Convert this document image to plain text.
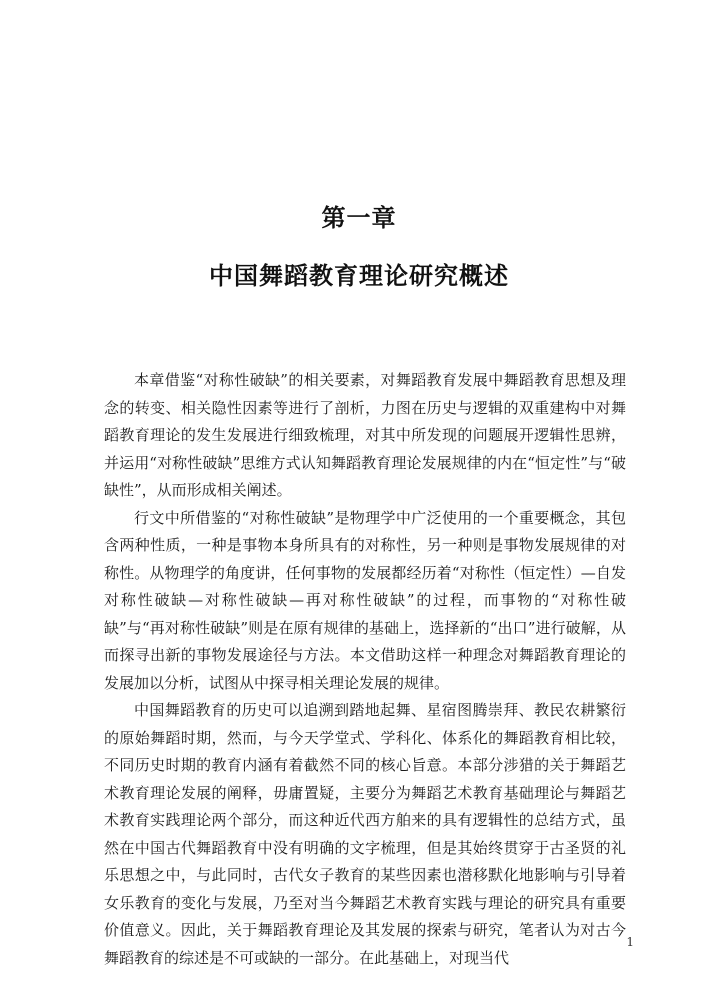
第一章
中国舞蹈教育理论研究概述

本章借鉴“对称性破缺”的相关要素，对舞蹈教育发展中舞蹈教育思想及理念的转变、相关隐性因素等进行了剖析，力图在历史与逻辑的双重建构中对舞蹈教育理论的发生发展进行细致梳理，对其中所发现的问题展开逻辑性思辨，并运用“对称性破缺”思维方式认知舞蹈教育理论发展规律的内在“恒定性”与“破缺性”，从而形成相关阐述。

行文中所借鉴的“对称性破缺”是物理学中广泛使用的一个重要概念，其包含两种性质，一种是事物本身所具有的对称性，另一种则是事物发展规律的对称性。从物理学的角度讲，任何事物的发展都经历着“对称性（恒定性）—自发对称性破缺—对称性破缺—再对称性破缺”的过程，而事物的“对称性破缺”与“再对称性破缺”则是在原有规律的基础上，选择新的“出口”进行破解，从而探寻出新的事物发展途径与方法。本文借助这样一种理念对舞蹈教育理论的发展加以分析，试图从中探寻相关理论发展的规律。

中国舞蹈教育的历史可以追溯到踏地起舞、星宿图腾崇拜、教民农耕繁衍的原始舞蹈时期，然而，与今天学堂式、学科化、体系化的舞蹈教育相比较，不同历史时期的教育内涵有着截然不同的核心旨意。本部分涉猎的关于舞蹈艺术教育理论发展的阐释，毋庸置疑，主要分为舞蹈艺术教育基础理论与舞蹈艺术教育实践理论两个部分，而这种近代西方舶来的具有逻辑性的总结方式，虽然在中国古代舞蹈教育中没有明确的文字梳理，但是其始终贯穿于古圣贤的礼乐思想之中，与此同时，古代女子教育的某些因素也潜移默化地影响与引导着女乐教育的变化与发展，乃至对当今舞蹈艺术教育实践与理论的研究具有重要价值意义。因此，关于舞蹈教育理论及其发展的探索与研究，笔者认为对古今舞蹈教育的综述是不可或缺的一部分。在此基础上，对现当代

1
